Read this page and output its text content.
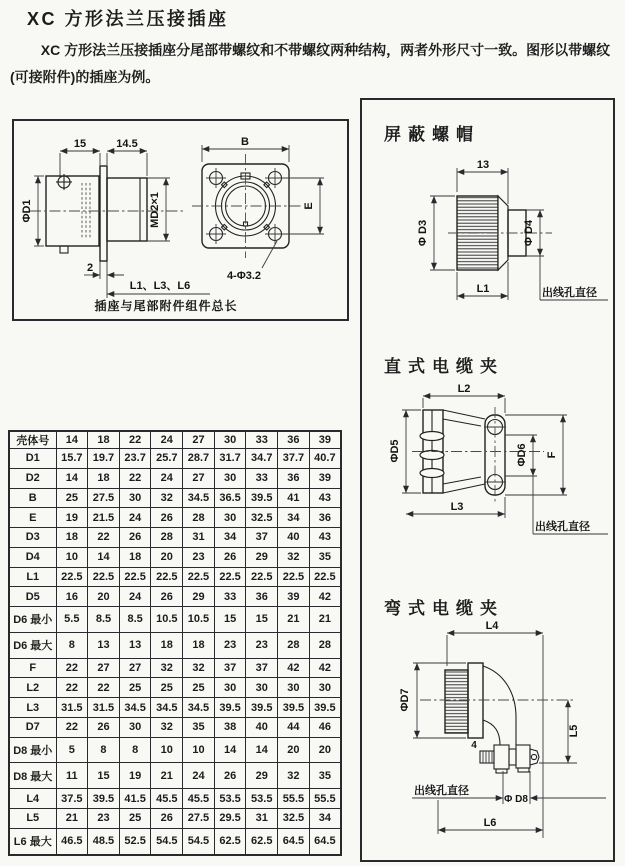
XC 方形法兰压接插座
XC 方形法兰压接插座分尾部带螺纹和不带螺纹两种结构，两者外形尺寸一致。图形以带螺纹
(可接附件)的插座为例。
15	14.5
ΦD1	MD2×1
2
L1、L3、L6
插座与尾部附件组件总长
B
E
4-Φ3.2
屏蔽螺帽
13
Φ D3	Φ D4
L1	出线孔直径
直式电缆夹
L2
ΦD5	ΦD6 F
L3
出线孔直径
弯式电缆夹
L4
ΦD7
4
L5
出线孔直径
Φ D8
L6
壳体号	14	18	22	24	27	30	33	36	39
D1	15.7	19.7	23.7	25.7	28.7	31.7	34.7	37.7	40.7
D2	14	18	22	24	27	30	33	36	39
B	25	27.5	30	32	34.5	36.5	39.5	41	43
E	19	21.5	24	26	28	30	32.5	34	36
D3	18	22	26	28	31	34	37	40	43
D4	10	14	18	20	23	26	29	32	35
L1	22.5	22.5	22.5	22.5	22.5	22.5	22.5	22.5	22.5
D5	16	20	24	26	29	33	36	39	42
D6 最小	5.5	8.5	8.5	10.5	10.5	15	15	21	21
D6 最大	8	13	13	18	18	23	23	28	28
F	22	27	27	32	32	37	37	42	42
L2	22	22	25	25	25	30	30	30	30
L3	31.5	31.5	34.5	34.5	34.5	39.5	39.5	39.5	39.5
D7	22	26	30	32	35	38	40	44	46
D8 最小	5	8	8	10	10	14	14	20	20
D8 最大	11	15	19	21	24	26	29	32	35
L4	37.5	39.5	41.5	45.5	45.5	53.5	53.5	55.5	55.5
L5	21	23	25	26	27.5	29.5	31	32.5	34
L6 最大	46.5	48.5	52.5	54.5	54.5	62.5	62.5	64.5	64.5
